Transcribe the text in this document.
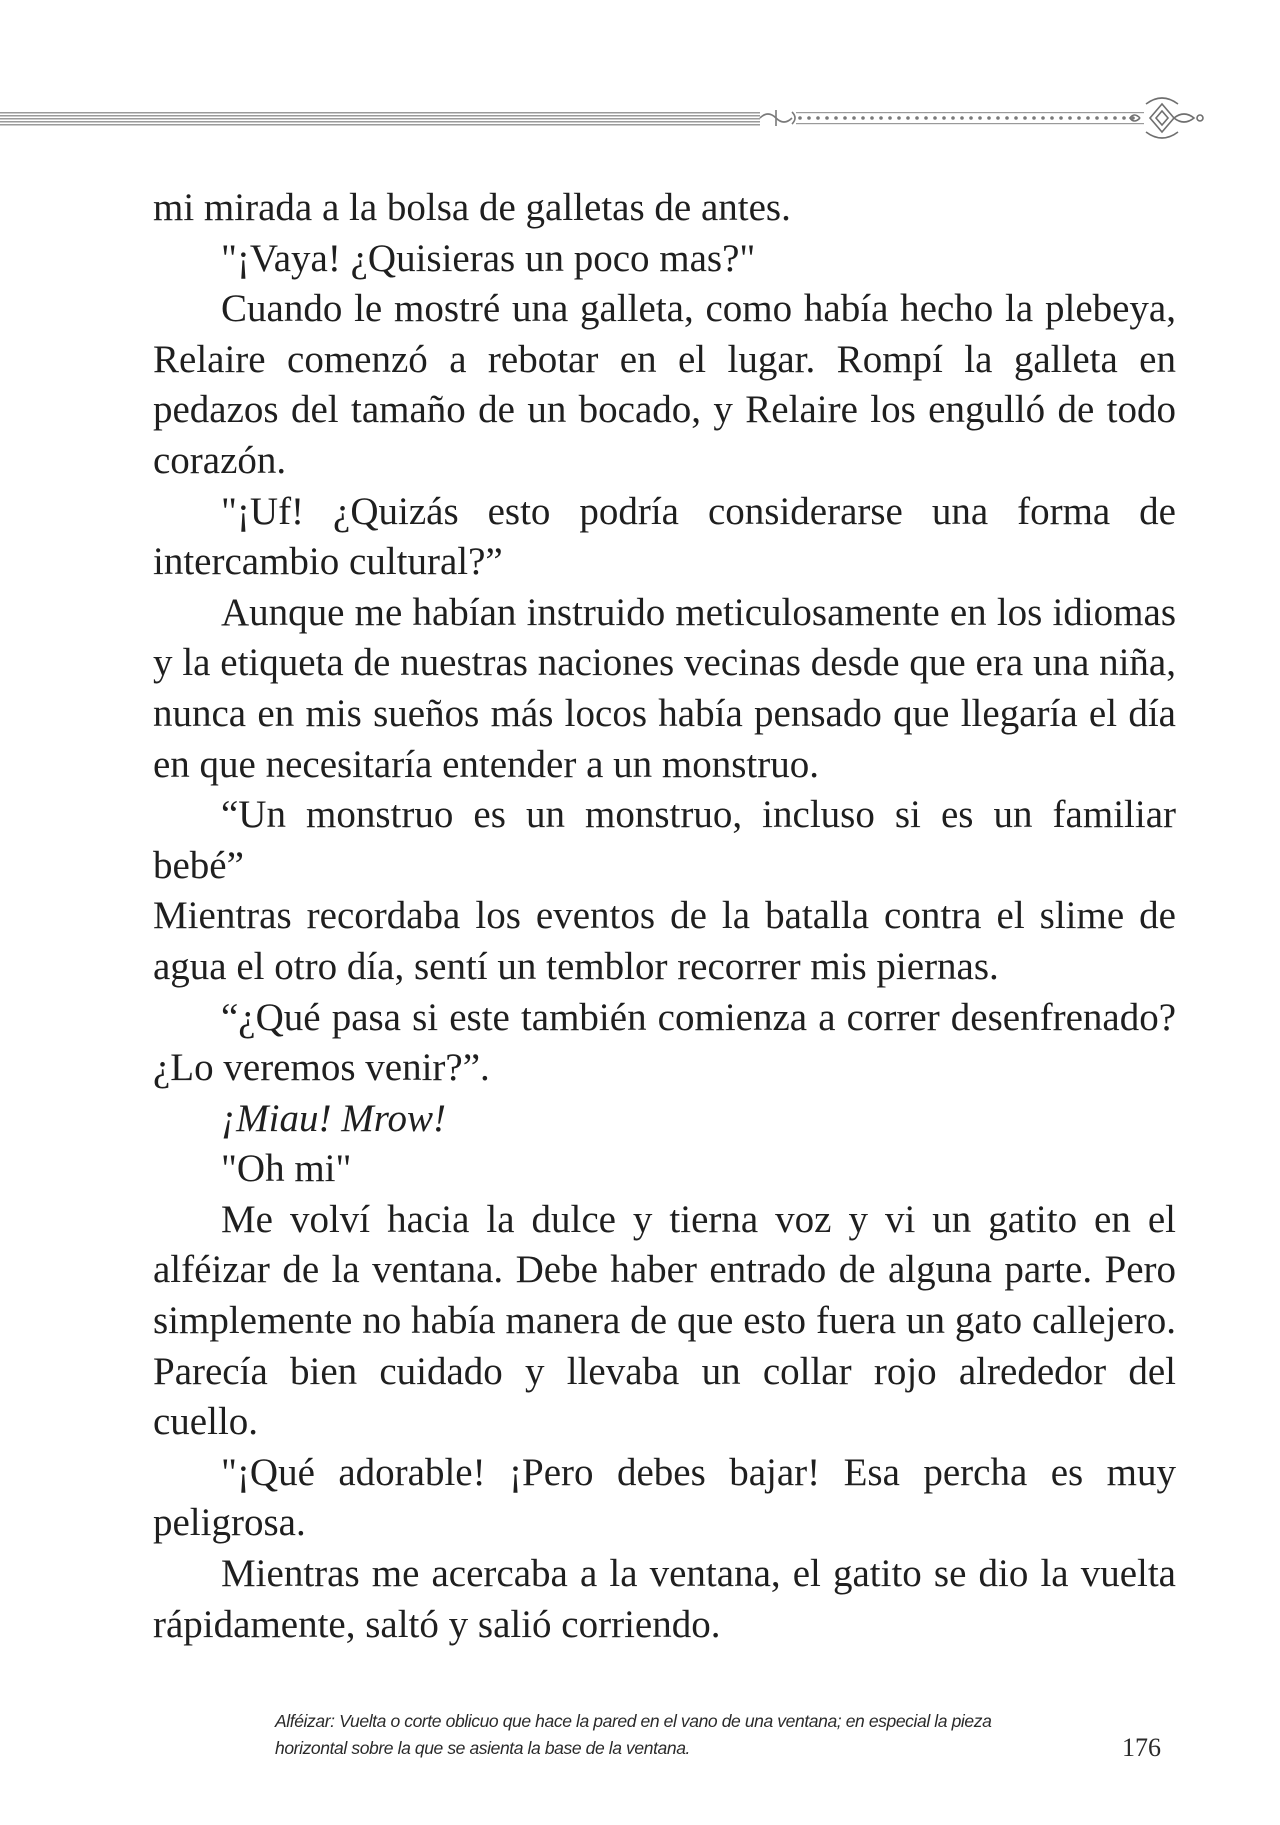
mi mirada a la bolsa de galletas de antes.

"¡Vaya! ¿Quisieras un poco mas?"

Cuando le mostré una galleta, como había hecho la plebeya, Relaire comenzó a rebotar en el lugar. Rompí la galleta en pedazos del tamaño de un bocado, y Relaire los engulló de todo corazón.

"¡Uf! ¿Quizás esto podría considerarse una forma de intercambio cultural?”

Aunque me habían instruido meticulosamente en los idiomas y la etiqueta de nuestras naciones vecinas desde que era una niña, nunca en mis sueños más locos había pensado que llegaría el día en que necesitaría entender a un monstruo.

“Un monstruo es un monstruo, incluso si es un familiar bebé”

Mientras recordaba los eventos de la batalla contra el slime de agua el otro día, sentí un temblor recorrer mis piernas.

“¿Qué pasa si este también comienza a correr desenfrenado? ¿Lo veremos venir?”.

¡Miau! Mrow!

"Oh mi"

Me volví hacia la dulce y tierna voz y vi un gatito en el alféizar de la ventana. Debe haber entrado de alguna parte. Pero simplemente no había manera de que esto fuera un gato callejero. Parecía bien cuidado y llevaba un collar rojo alrededor del cuello.

"¡Qué adorable! ¡Pero debes bajar! Esa percha es muy peligrosa.

Mientras me acercaba a la ventana, el gatito se dio la vuelta rápidamente, saltó y salió corriendo.

Alféizar: Vuelta o corte oblicuo que hace la pared en el vano de una ventana; en especial la pieza

horizontal sobre la que se asienta la base de la ventana.	176
